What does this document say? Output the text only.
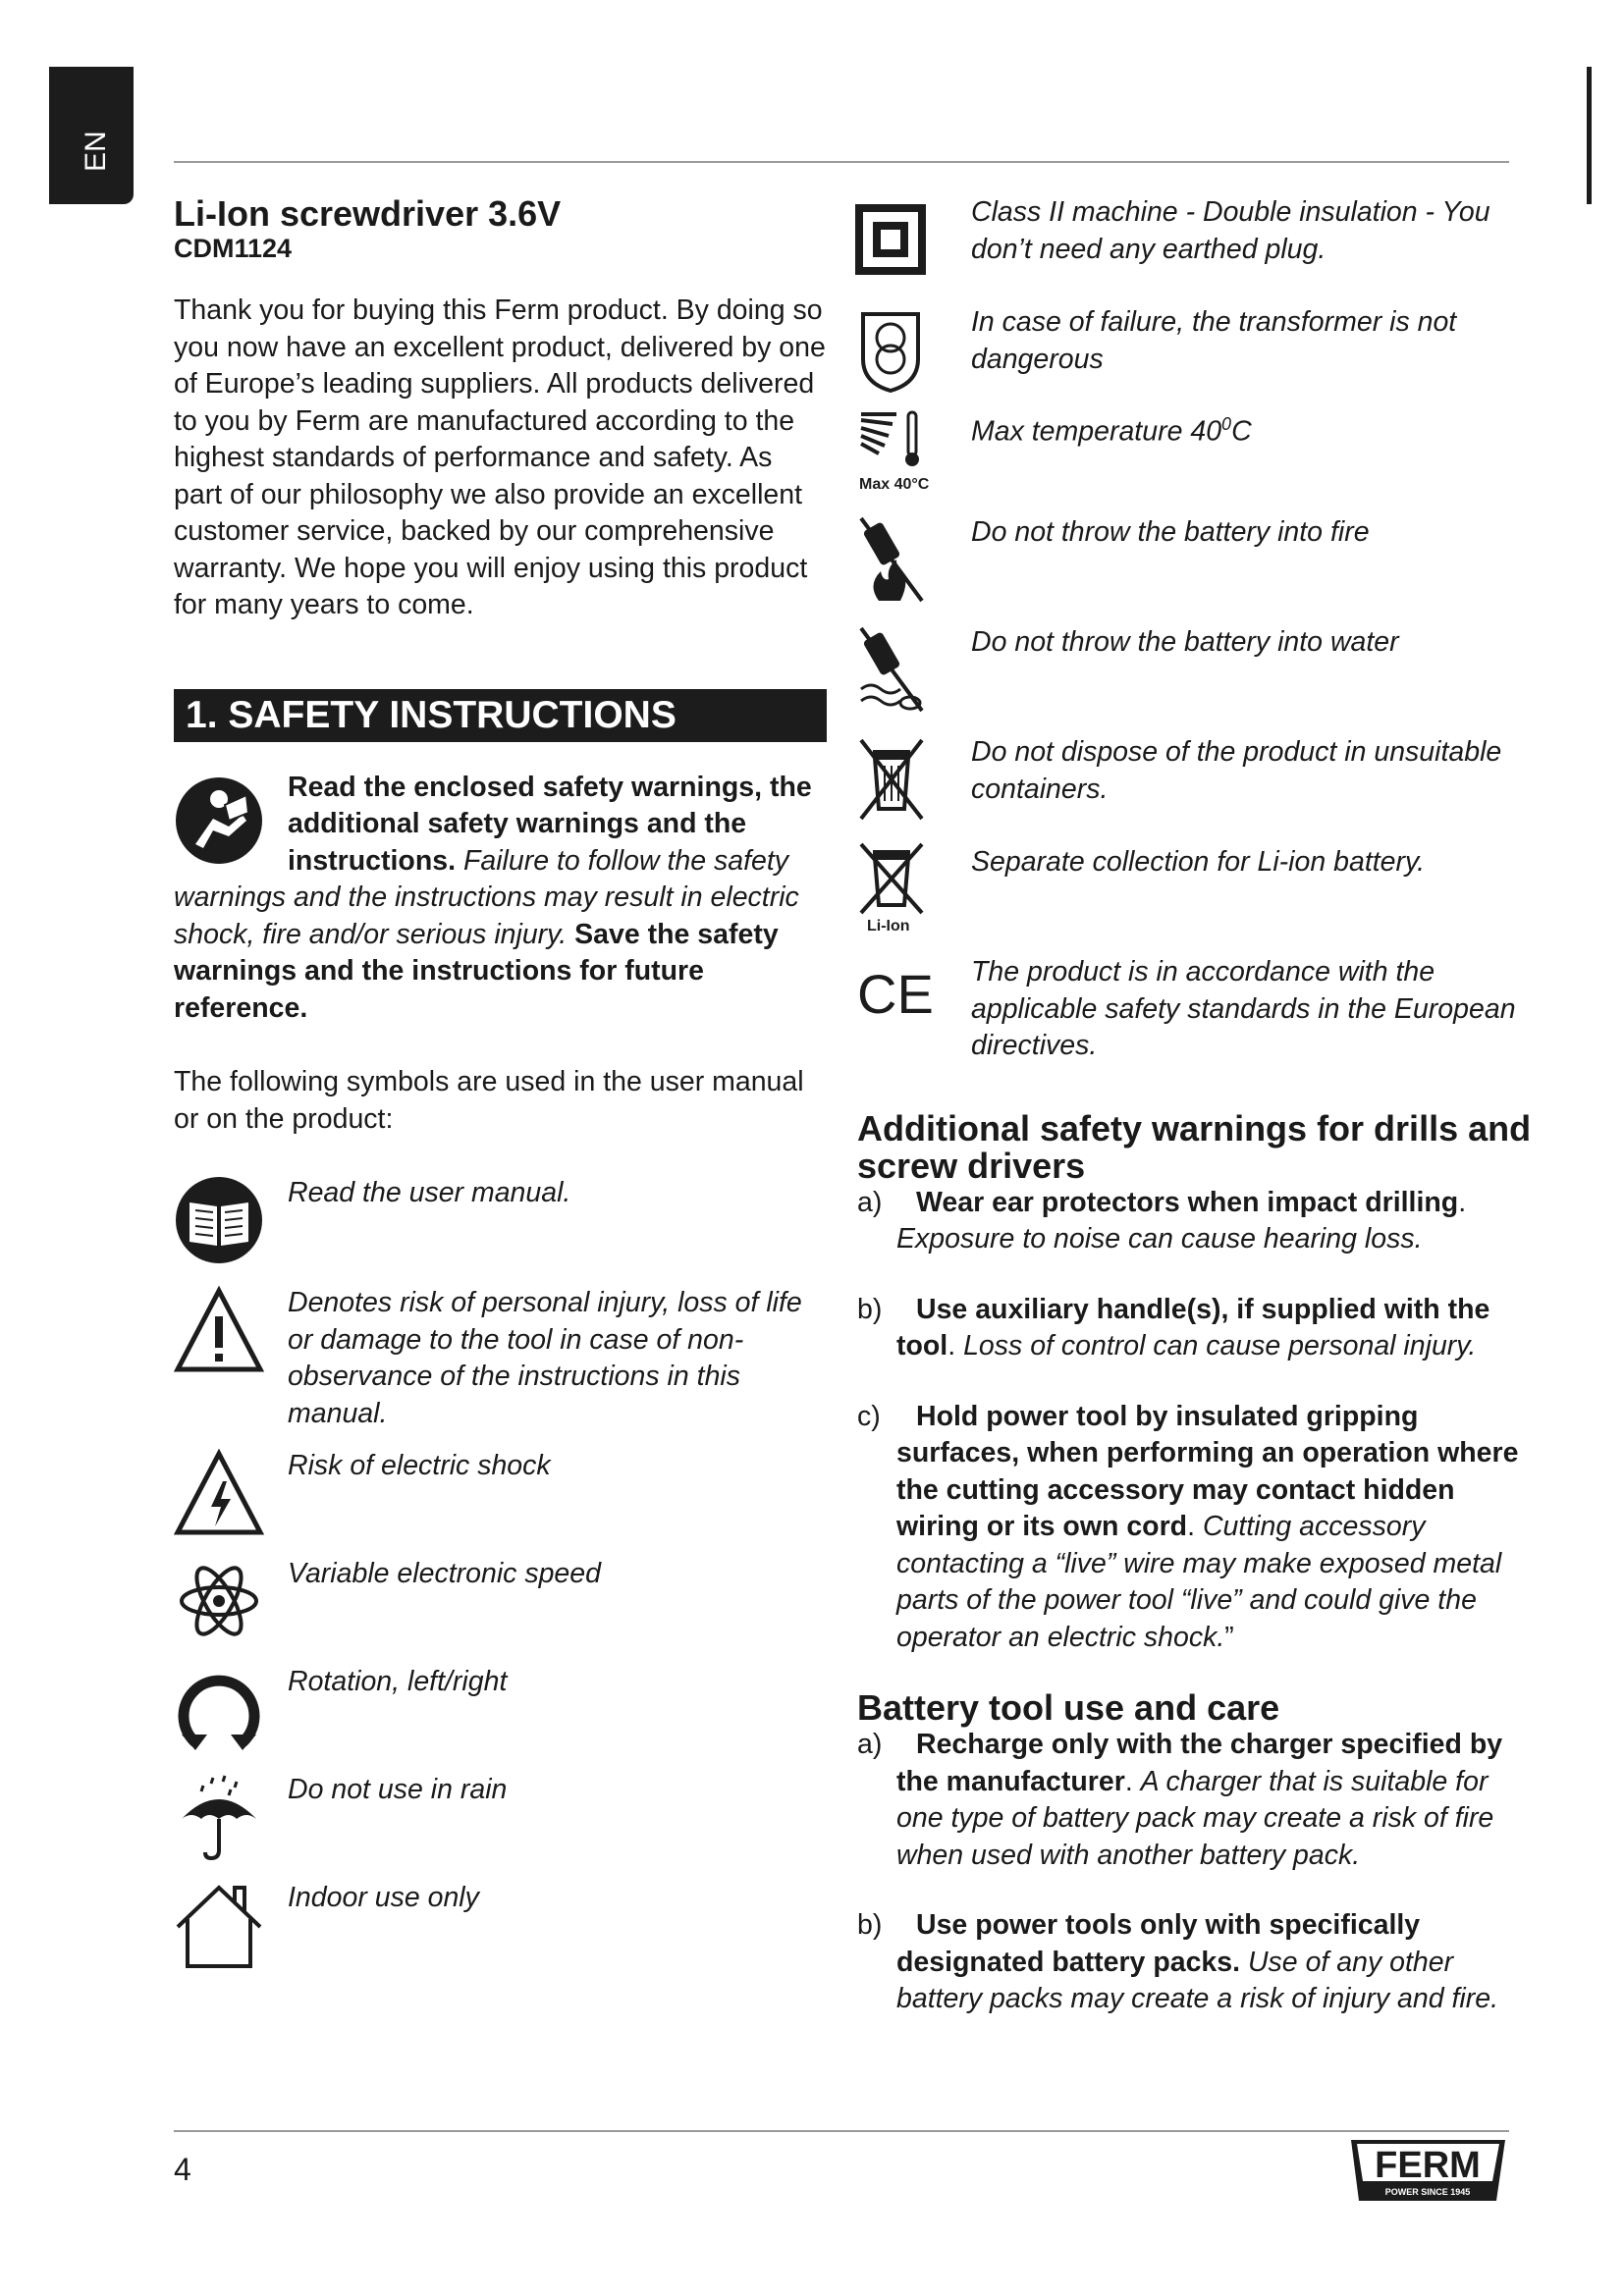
EN
Li-Ion screwdriver 3.6V
CDM1124

Thank you for buying this Ferm product. By doing so you now have an excellent product, delivered by one of Europe’s leading suppliers. All products delivered to you by Ferm are manufactured according to the highest standards of performance and safety. As part of our philosophy we also provide an excellent customer service, backed by our comprehensive warranty. We hope you will enjoy using this product for many years to come.

1. SAFETY INSTRUCTIONS
Read the enclosed safety warnings, the additional safety warnings and the instructions. Failure to follow the safety warnings and the instructions may result in electric shock, fire and/or serious injury. Save the safety warnings and the instructions for future reference.

The following symbols are used in the user manual or on the product:

Read the user manual.
Denotes risk of personal injury, loss of life or damage to the tool in case of non-observance of the instructions in this manual.
Risk of electric shock
Variable electronic speed
Rotation, left/right
Do not use in rain
Indoor use only
Class II machine - Double insulation - You don’t need any earthed plug.
In case of failure, the transformer is not dangerous
Max 40°C
Max temperature $40^0C$
Do not throw the battery into fire
Do not throw the battery into water
Do not dispose of the product in unsuitable containers.
Li-Ion
Separate collection for Li-ion battery.
CE The product is in accordance with the applicable safety standards in the European directives.
Additional safety warnings for drills and screw drivers
a)	Wear ear protectors when impact drilling.
Exposure to noise can cause hearing loss.
b)	Use auxiliary handle(s), if supplied with the tool. Loss of control can cause personal injury.
c)	Hold power tool by insulated gripping surfaces, when performing an operation where the cutting accessory may contact hidden wiring or its own cord. Cutting accessory contacting a “live” wire may make exposed metal parts of the power tool “live” and could give the operator an electric shock.”
Battery tool use and care
a)	Recharge only with the charger specified by the manufacturer. A charger that is suitable for one type of battery pack may create a risk of fire when used with another battery pack.
b)	Use power tools only with specifically designated battery packs. Use of any other battery packs may create a risk of injury and fire.
4	FERM
POWER SINCE 1945
